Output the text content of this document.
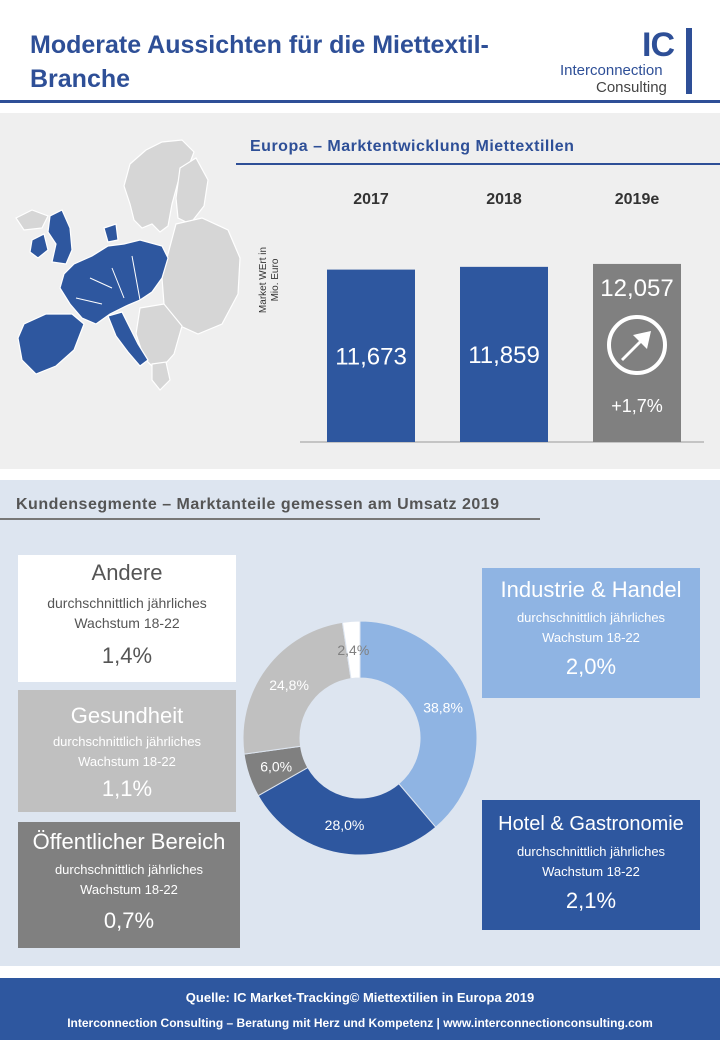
Moderate Aussichten für die Miettextil-
Branche
IC
Interconnection
Consulting
Europa – Marktentwicklung Miettextillen
Market WErt in Mio. Euro
2017
11,673
2018
11,859
2019e
12,057
+1,7%
Kundensegmente – Marktanteile gemessen am Umsatz 2019
Andere
durchschnittlich jährliches Wachstum 18-22
1,4%
Gesundheit
durchschnittlich jährliches Wachstum 18-22
1,1%
Öffentlicher Bereich
durchschnittlich jährliches Wachstum 18-22
0,7%
Industrie & Handel
durchschnittlich jährliches Wachstum 18-22
2,0%
Hotel & Gastronomie
durchschnittlich jährliches Wachstum 18-22
2,1%
38,8%
28,0%
6,0%
24,8%
2,4%
Quelle: IC Market-Tracking© Miettextilien in Europa 2019
Interconnection Consulting – Beratung mit Herz und Kompetenz | www.interconnectionconsulting.com
